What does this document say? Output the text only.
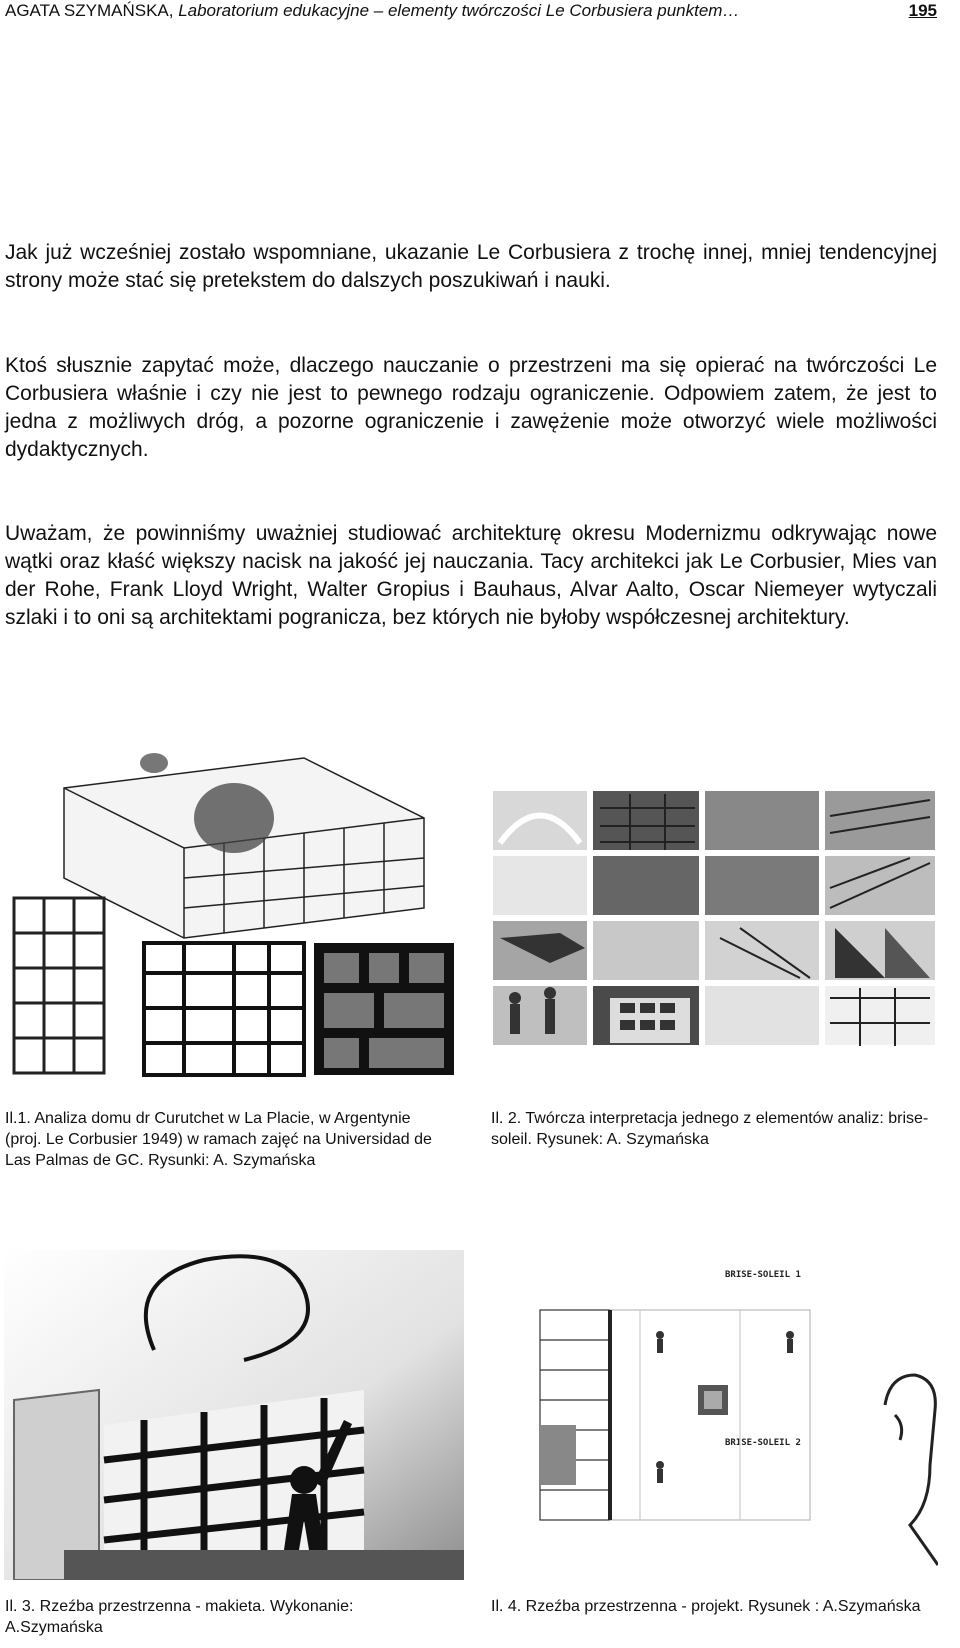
AGATA SZYMAŃSKA, Laboratorium edukacyjne – elementy twórczości Le Corbusiera punktem…	195

Jak już wcześniej zostało wspomniane, ukazanie Le Corbusiera z trochę innej, mniej tendencyjnej strony może stać się pretekstem do dalszych poszukiwań i nauki.

Ktoś słusznie zapytać może, dlaczego nauczanie o przestrzeni ma się opierać na twórczości Le Corbusiera właśnie i czy nie jest to pewnego rodzaju ograniczenie. Odpowiem zatem, że jest to jedna z możliwych dróg, a pozorne ograniczenie i zawężenie może otworzyć wiele możliwości dydaktycznych.

Uważam, że powinniśmy uważniej studiować architekturę okresu Modernizmu odkrywając nowe wątki oraz kłaść większy nacisk na jakość jej nauczania. Tacy architekci jak Le Corbusier, Mies van der Rohe, Frank Lloyd Wright, Walter Gropius i Bauhaus, Alvar Aalto, Oscar Niemeyer wytyczali szlaki i to oni są architektami pogranicza, bez których nie byłoby współczesnej architektury.

Il.1. Analiza domu dr Curutchet w La Placie, w Argentynie (proj. Le Corbusier 1949) w ramach zajęć na Universidad de Las Palmas de GC. Rysunki: A. Szymańska
Il. 2. Twórcza interpretacja jednego z elementów analiz: brise-soleil. Rysunek: A. Szymańska
BRISE-SOLEIL 1
BRISE-SOLEIL 2
Il. 3. Rzeźba przestrzenna - makieta. Wykonanie: A.Szymańska
Il. 4. Rzeźba przestrzenna - projekt. Rysunek : A.Szymańska
